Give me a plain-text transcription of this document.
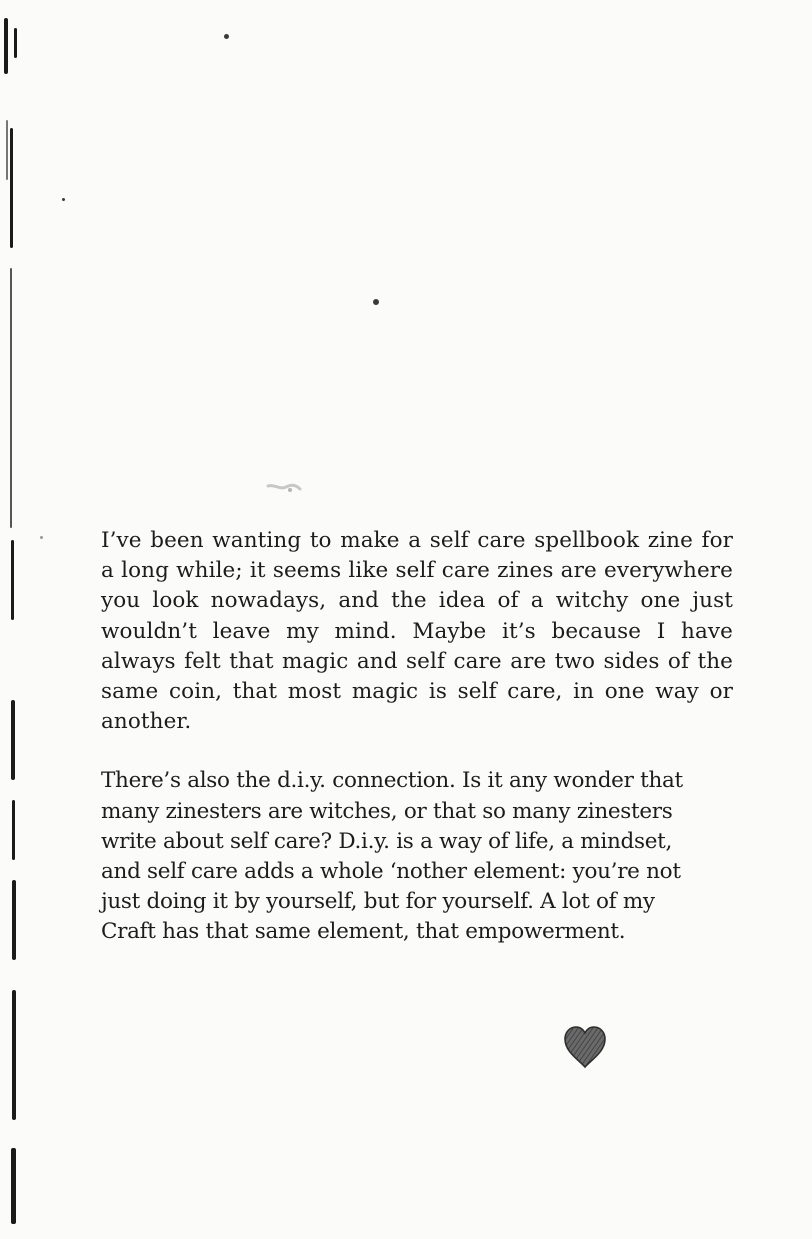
I’ve been wanting to make a self care spellbook zine for a long while; it seems like self care zines are everywhere you look nowadays, and the idea of a witchy one just wouldn’t leave my mind. Maybe it’s because I have always felt that magic and self care are two sides of the same coin, that most magic is self care, in one way or another.

There’s also the d.i.y. connection. Is it any wonder that many zinesters are witches, or that so many zinesters write about self care? D.i.y. is a way of life, a mindset, and self care adds a whole ‘nother element: you’re not just doing it by yourself, but for yourself. A lot of my Craft has that same element, that empowerment.
